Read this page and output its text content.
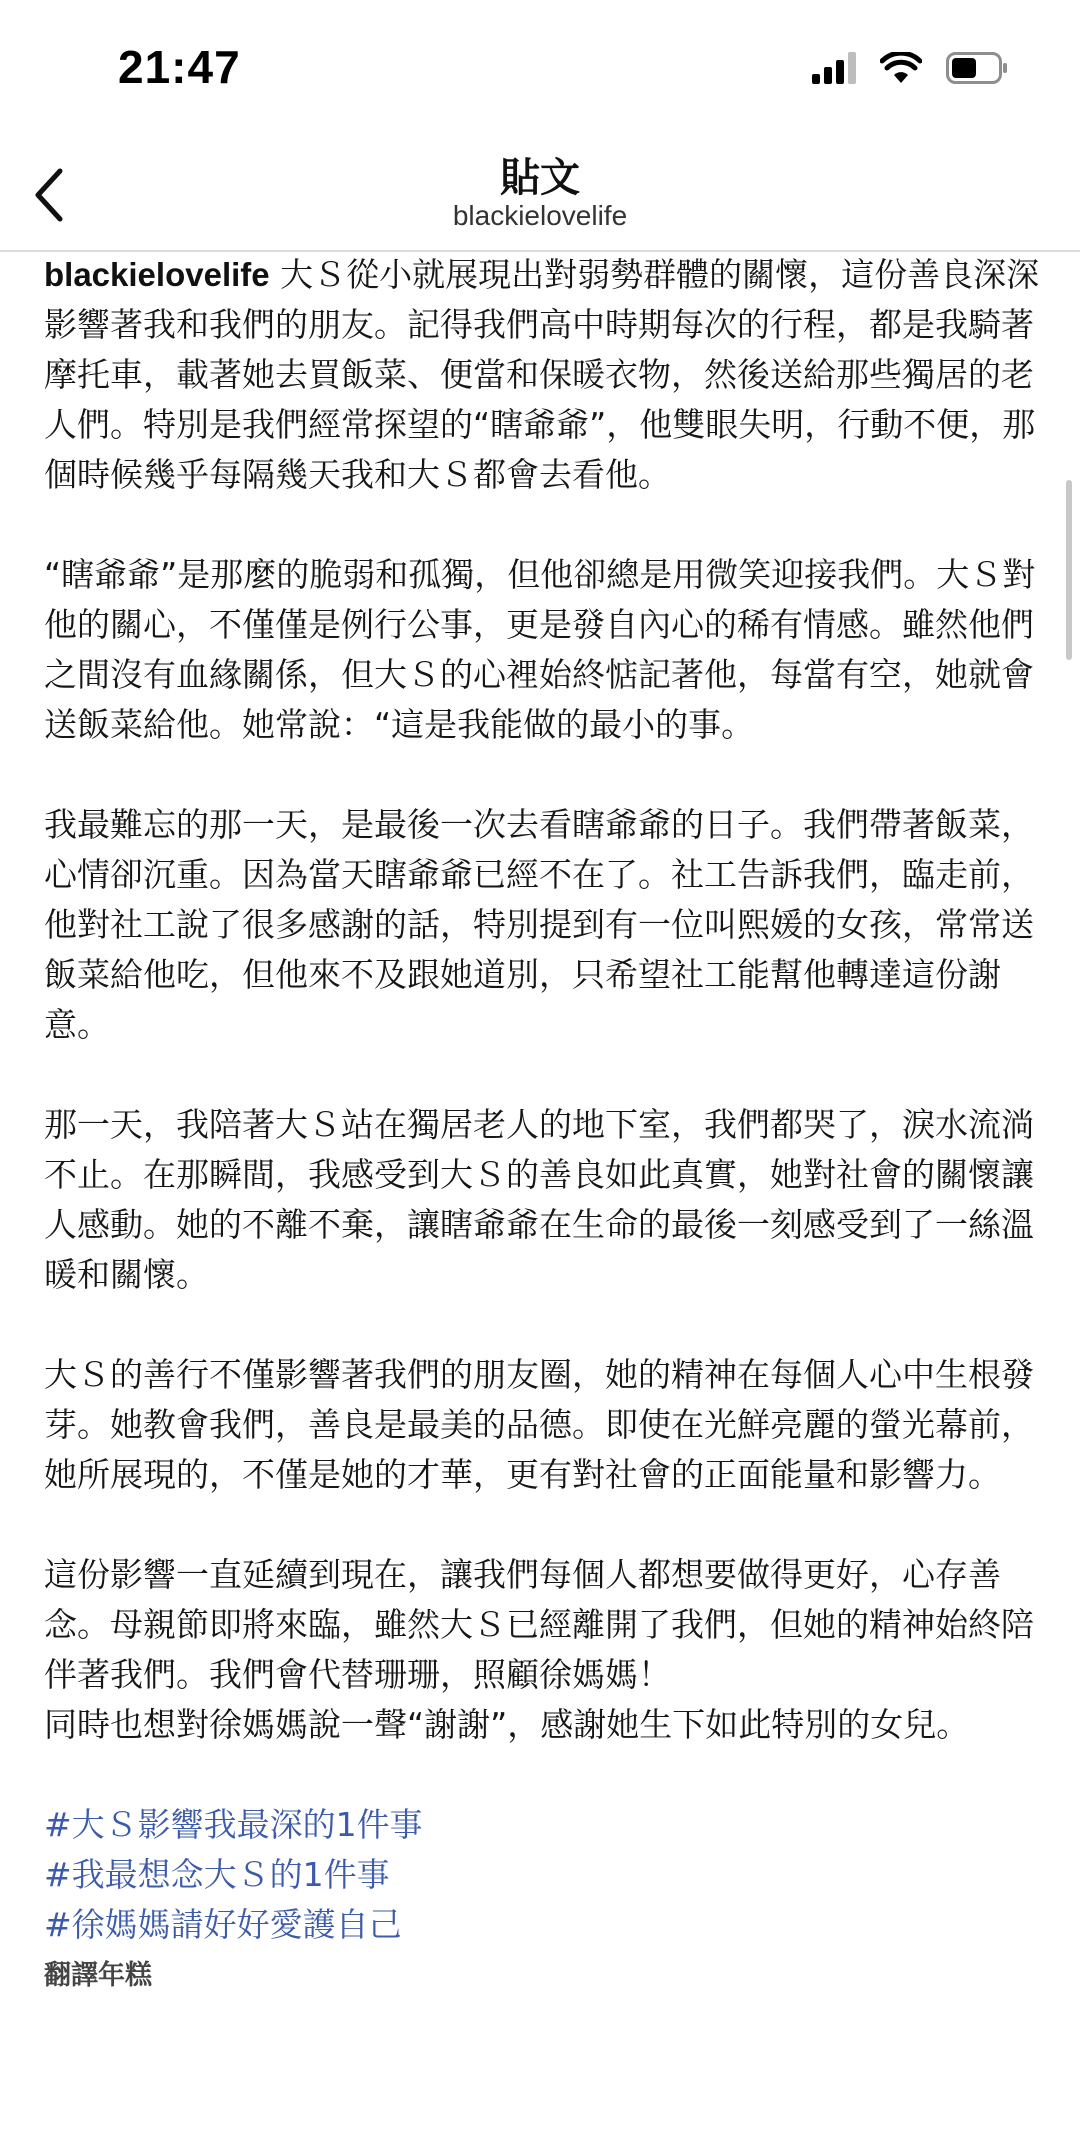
21:47
貼文
blackielovelife

blackielovelife 大Ｓ從小就展現出對弱勢群體的關懷，這份善良深深影響著我和我們的朋友。記得我們高中時期每次的行程，都是我騎著摩托車，載著她去買飯菜、便當和保暖衣物，然後送給那些獨居的老人們。特別是我們經常探望的“瞎爺爺”，他雙眼失明，行動不便，那個時候幾乎每隔幾天我和大Ｓ都會去看他。

“瞎爺爺”是那麼的脆弱和孤獨，但他卻總是用微笑迎接我們。大Ｓ對他的關心，不僅僅是例行公事，更是發自內心的稀有情感。雖然他們之間沒有血緣關係，但大Ｓ的心裡始終惦記著他，每當有空，她就會送飯菜給他。她常說：“這是我能做的最小的事。

我最難忘的那一天，是最後一次去看瞎爺爺的日子。我們帶著飯菜，心情卻沉重。因為當天瞎爺爺已經不在了。社工告訴我們，臨走前，他對社工說了很多感謝的話，特別提到有一位叫熙媛的女孩，常常送飯菜給他吃，但他來不及跟她道別，只希望社工能幫他轉達這份謝意。

那一天，我陪著大Ｓ站在獨居老人的地下室，我們都哭了，淚水流淌不止。在那瞬間，我感受到大Ｓ的善良如此真實，她對社會的關懷讓人感動。她的不離不棄，讓瞎爺爺在生命的最後一刻感受到了一絲溫暖和關懷。

大Ｓ的善行不僅影響著我們的朋友圈，她的精神在每個人心中生根發芽。她教會我們，善良是最美的品德。即使在光鮮亮麗的螢光幕前，她所展現的，不僅是她的才華，更有對社會的正面能量和影響力。

這份影響一直延續到現在，讓我們每個人都想要做得更好，心存善念。母親節即將來臨，雖然大Ｓ已經離開了我們，但她的精神始終陪伴著我們。我們會代替珊珊，照顧徐媽媽！
同時也想對徐媽媽說一聲“謝謝”，感謝她生下如此特別的女兒。

#大Ｓ影響我最深的1件事
#我最想念大Ｓ的1件事
#徐媽媽請好好愛護自己
翻譯年糕
